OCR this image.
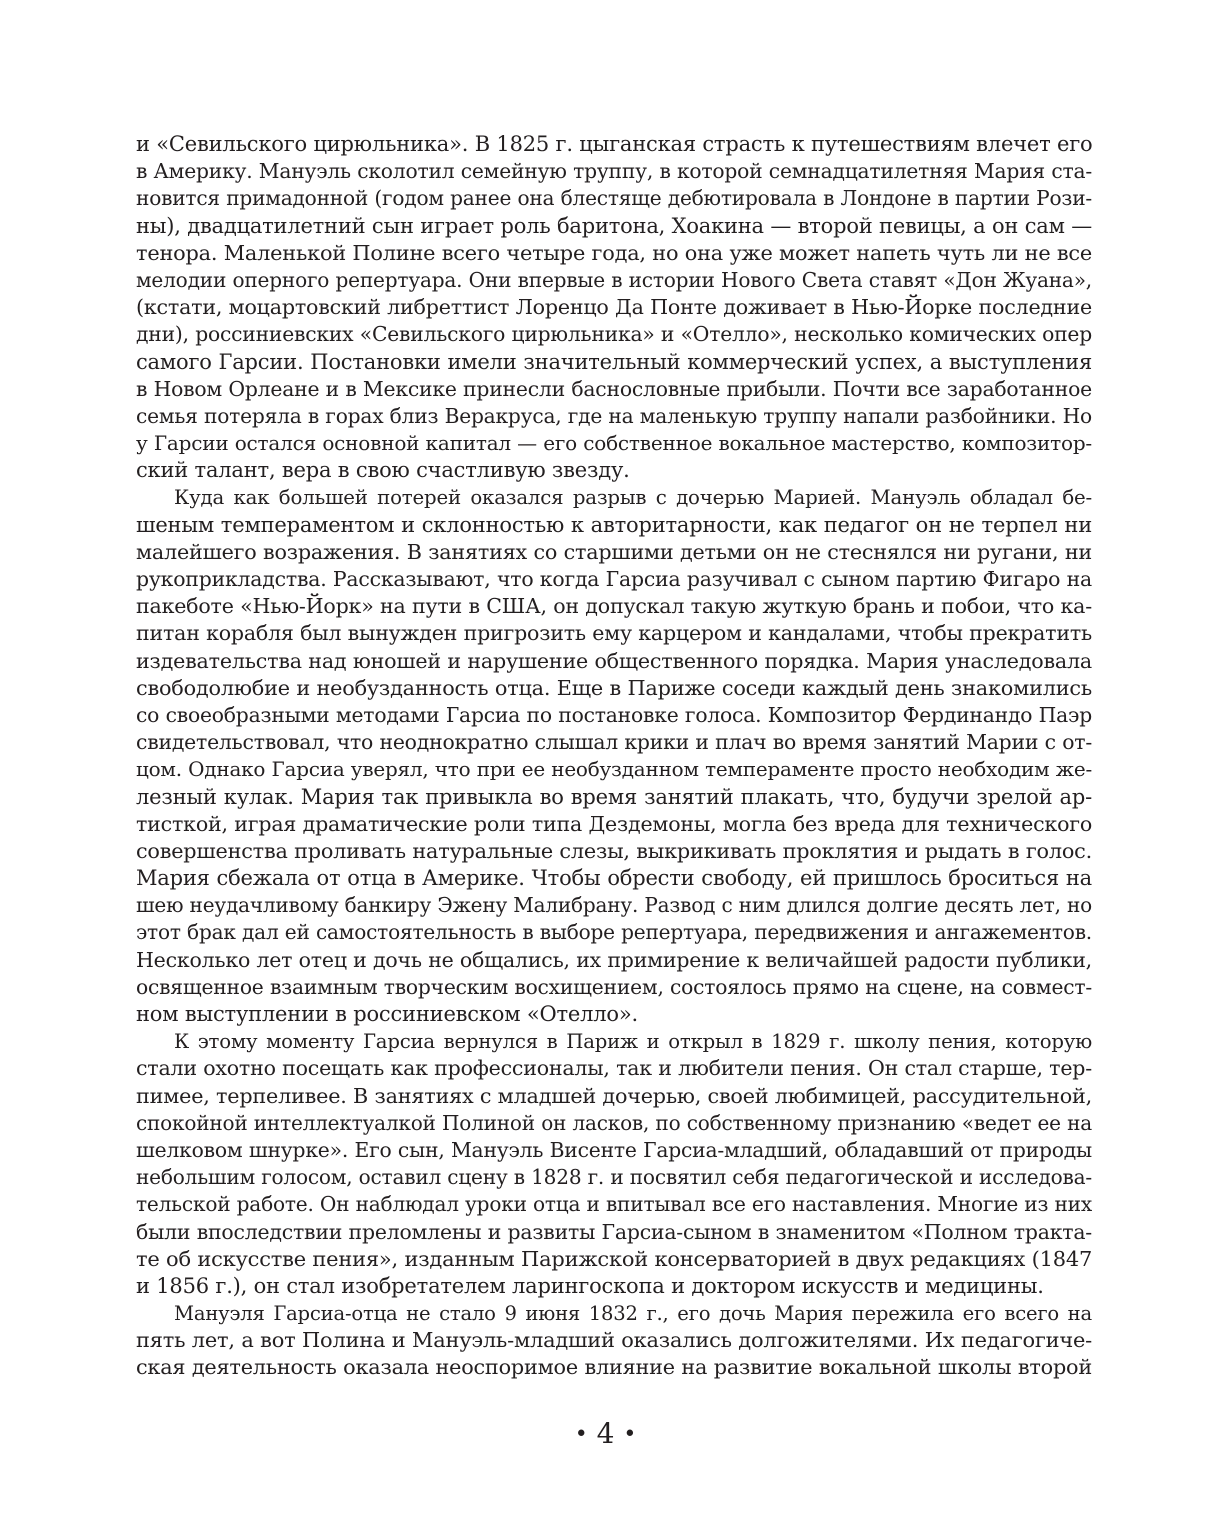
и «Севильского цирюльника». В 1825 г. цыганская страсть к путешествиям влечет его
в Америку. Мануэль сколотил семейную труппу, в которой семнадцатилетняя Мария ста-
новится примадонной (годом ранее она блестяще дебютировала в Лондоне в партии Рози-
ны), двадцатилетний сын играет роль баритона, Хоакина — второй певицы, а он сам —
тенора. Маленькой Полине всего четыре года, но она уже может напеть чуть ли не все
мелодии оперного репертуара. Они впервые в истории Нового Света ставят «Дон Жуана»,
(кстати, моцартовский либреттист Лоренцо Да Понте доживает в Нью-Йорке последние
дни), россиниевских «Севильского цирюльника» и «Отелло», несколько комических опер
самого Гарсии. Постановки имели значительный коммерческий успех, а выступления
в Новом Орлеане и в Мексике принесли баснословные прибыли. Почти все заработанное
семья потеряла в горах близ Веракруса, где на маленькую труппу напали разбойники. Но
у Гарсии остался основной капитал — его собственное вокальное мастерство, композитор-
ский талант, вера в свою счастливую звезду.
Куда как большей потерей оказался разрыв с дочерью Марией. Мануэль обладал бе-
шеным темпераментом и склонностью к авторитарности, как педагог он не терпел ни
малейшего возражения. В занятиях со старшими детьми он не стеснялся ни ругани, ни
рукоприкладства. Рассказывают, что когда Гарсиа разучивал с сыном партию Фигаро на
пакеботе «Нью-Йорк» на пути в США, он допускал такую жуткую брань и побои, что ка-
питан корабля был вынужден пригрозить ему карцером и кандалами, чтобы прекратить
издевательства над юношей и нарушение общественного порядка. Мария унаследовала
свободолюбие и необузданность отца. Еще в Париже соседи каждый день знакомились
со своеобразными методами Гарсиа по постановке голоса. Композитор Фердинандо Паэр
свидетельствовал, что неоднократно слышал крики и плач во время занятий Марии с от-
цом. Однако Гарсиа уверял, что при ее необузданном темпераменте просто необходим же-
лезный кулак. Мария так привыкла во время занятий плакать, что, будучи зрелой ар-
тисткой, играя драматические роли типа Дездемоны, могла без вреда для технического
совершенства проливать натуральные слезы, выкрикивать проклятия и рыдать в голос.
Мария сбежала от отца в Америке. Чтобы обрести свободу, ей пришлось броситься на
шею неудачливому банкиру Эжену Малибрану. Развод с ним длился долгие десять лет, но
этот брак дал ей самостоятельность в выборе репертуара, передвижения и ангажементов.
Несколько лет отец и дочь не общались, их примирение к величайшей радости публики,
освященное взаимным творческим восхищением, состоялось прямо на сцене, на совмест-
ном выступлении в россиниевском «Отелло».
К этому моменту Гарсиа вернулся в Париж и открыл в 1829 г. школу пения, которую
стали охотно посещать как профессионалы, так и любители пения. Он стал старше, тер-
пимее, терпеливее. В занятиях с младшей дочерью, своей любимицей, рассудительной,
спокойной интеллектуалкой Полиной он ласков, по собственному признанию «ведет ее на
шелковом шнурке». Его сын, Мануэль Висенте Гарсиа-младший, обладавший от природы
небольшим голосом, оставил сцену в 1828 г. и посвятил себя педагогической и исследова-
тельской работе. Он наблюдал уроки отца и впитывал все его наставления. Многие из них
были впоследствии преломлены и развиты Гарсиа-сыном в знаменитом «Полном тракта-
те об искусстве пения», изданным Парижской консерваторией в двух редакциях (1847
и 1856 г.), он стал изобретателем ларингоскопа и доктором искусств и медицины.
Мануэля Гарсиа-отца не стало 9 июня 1832 г., его дочь Мария пережила его всего на
пять лет, а вот Полина и Мануэль-младший оказались долгожителями. Их педагогиче-
ская деятельность оказала неоспоримое влияние на развитие вокальной школы второй
• 4 •
